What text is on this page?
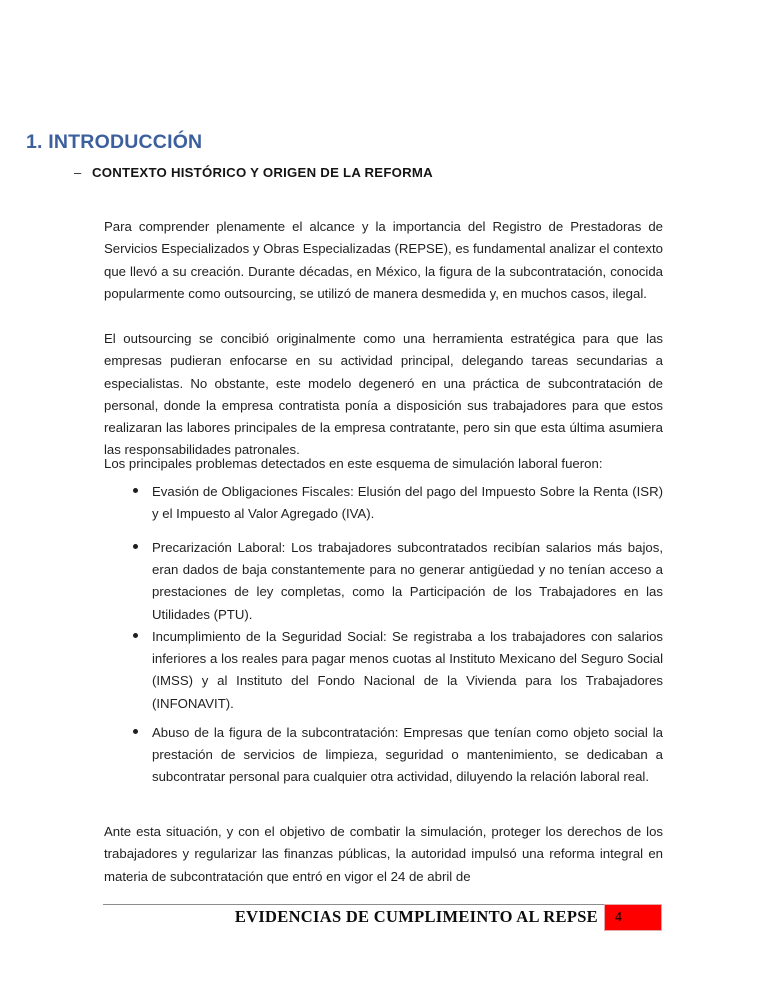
1. INTRODUCCIÓN
– CONTEXTO HISTÓRICO Y ORIGEN DE LA REFORMA

Para comprender plenamente el alcance y la importancia del Registro de Prestadoras de Servicios Especializados y Obras Especializadas (REPSE), es fundamental analizar el contexto que llevó a su creación. Durante décadas, en México, la figura de la subcontratación, conocida popularmente como outsourcing, se utilizó de manera desmedida y, en muchos casos, ilegal.

El outsourcing se concibió originalmente como una herramienta estratégica para que las empresas pudieran enfocarse en su actividad principal, delegando tareas secundarias a especialistas. No obstante, este modelo degeneró en una práctica de subcontratación de personal, donde la empresa contratista ponía a disposición sus trabajadores para que estos realizaran las labores principales de la empresa contratante, pero sin que esta última asumiera las responsabilidades patronales.

Los principales problemas detectados en este esquema de simulación laboral fueron:

Evasión de Obligaciones Fiscales: Elusión del pago del Impuesto Sobre la Renta (ISR) y el Impuesto al Valor Agregado (IVA).
Precarización Laboral: Los trabajadores subcontratados recibían salarios más bajos, eran dados de baja constantemente para no generar antigüedad y no tenían acceso a prestaciones de ley completas, como la Participación de los Trabajadores en las Utilidades (PTU).
Incumplimiento de la Seguridad Social: Se registraba a los trabajadores con salarios inferiores a los reales para pagar menos cuotas al Instituto Mexicano del Seguro Social (IMSS) y al Instituto del Fondo Nacional de la Vivienda para los Trabajadores (INFONAVIT).
Abuso de la figura de la subcontratación: Empresas que tenían como objeto social la prestación de servicios de limpieza, seguridad o mantenimiento, se dedicaban a subcontratar personal para cualquier otra actividad, diluyendo la relación laboral real.

Ante esta situación, y con el objetivo de combatir la simulación, proteger los derechos de los trabajadores y regularizar las finanzas públicas, la autoridad impulsó una reforma integral en materia de subcontratación que entró en vigor el 24 de abril de

EVIDENCIAS DE CUMPLIMEINTO AL REPSE 4
